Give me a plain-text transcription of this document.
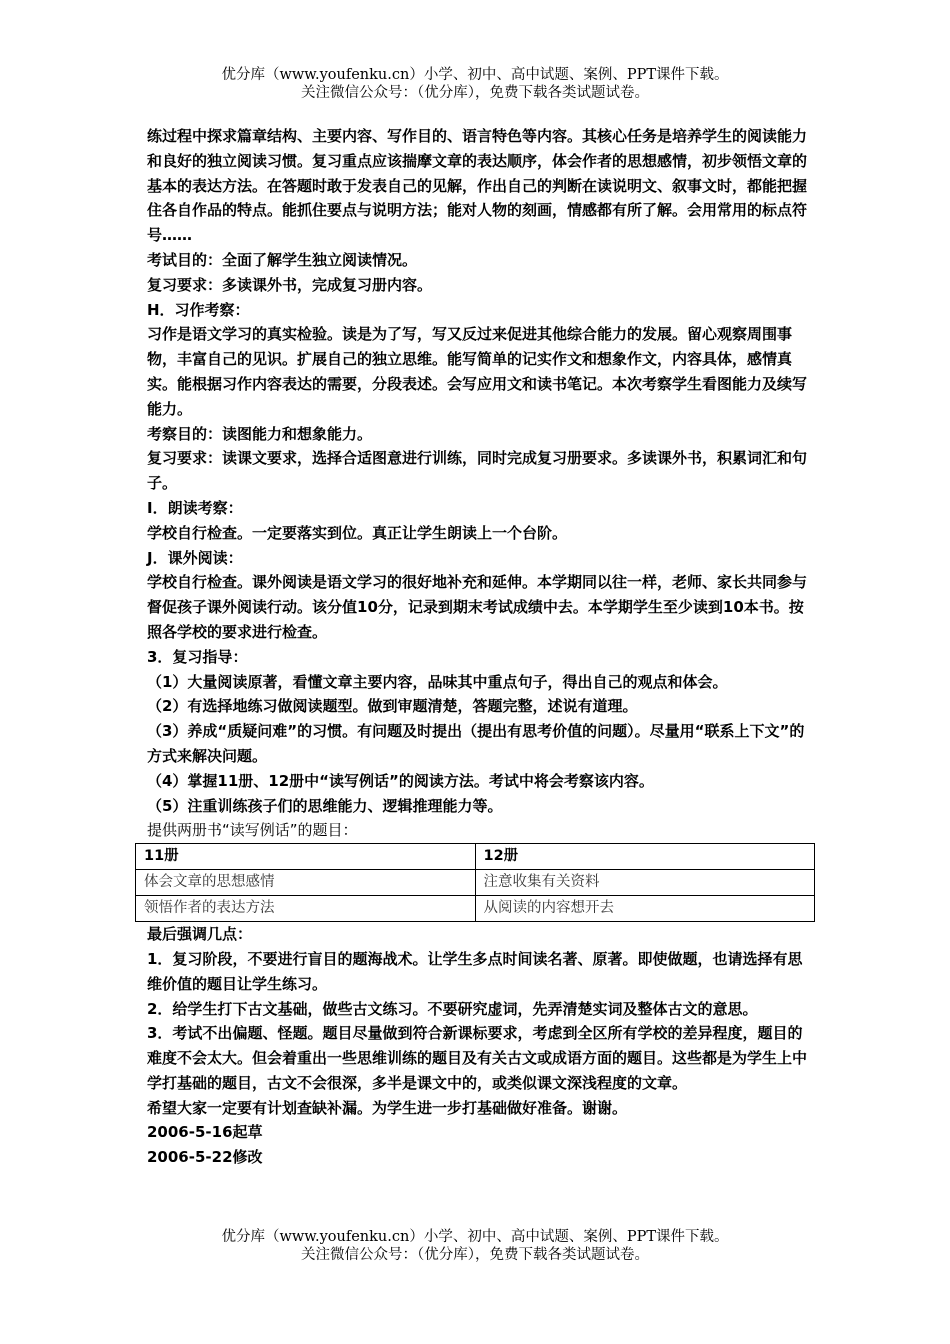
优分库（www.youfenku.cn）小学、初中、高中试题、案例、PPT课件下载。
关注微信公众号：（优分库），免费下载各类试题试卷。

练过程中探求篇章结构、主要内容、写作目的、语言特色等内容。其核心任务是培养学生的阅读能力和良好的独立阅读习惯。复习重点应该揣摩文章的表达顺序，体会作者的思想感情，初步领悟文章的基本的表达方法。在答题时敢于发表自己的见解，作出自己的判断在读说明文、叙事文时，都能把握住各自作品的特点。能抓住要点与说明方法；能对人物的刻画，情感都有所了解。会用常用的标点符号……

考试目的：全面了解学生独立阅读情况。

复习要求：多读课外书，完成复习册内容。

H．习作考察：

习作是语文学习的真实检验。读是为了写，写又反过来促进其他综合能力的发展。留心观察周围事物，丰富自己的见识。扩展自己的独立思维。能写简单的记实作文和想象作文，内容具体，感情真实。能根据习作内容表达的需要，分段表述。会写应用文和读书笔记。本次考察学生看图能力及续写能力。

考察目的：读图能力和想象能力。

复习要求：读课文要求，选择合适图意进行训练，同时完成复习册要求。多读课外书，积累词汇和句子。

I．朗读考察：

学校自行检查。一定要落实到位。真正让学生朗读上一个台阶。

J．课外阅读：

学校自行检查。课外阅读是语文学习的很好地补充和延伸。本学期同以往一样，老师、家长共同参与督促孩子课外阅读行动。该分值10分，记录到期末考试成绩中去。本学期学生至少读到10本书。按照各学校的要求进行检查。

3．复习指导：

（1）大量阅读原著，看懂文章主要内容，品味其中重点句子，得出自己的观点和体会。

（2）有选择地练习做阅读题型。做到审题清楚，答题完整，述说有道理。

（3）养成“质疑问难”的习惯。有问题及时提出（提出有思考价值的问题）。尽量用“联系上下文”的方式来解决问题。

（4）掌握11册、12册中“读写例话”的阅读方法。考试中将会考察该内容。

（5）注重训练孩子们的思维能力、逻辑推理能力等。

提供两册书“读写例话”的题目：

11册	12册
体会文章的思想感情	注意收集有关资料
领悟作者的表达方法	从阅读的内容想开去

最后强调几点：

1．复习阶段，不要进行盲目的题海战术。让学生多点时间读名著、原著。即使做题，也请选择有思维价值的题目让学生练习。

2．给学生打下古文基础，做些古文练习。不要研究虚词，先弄清楚实词及整体古文的意思。

3．考试不出偏题、怪题。题目尽量做到符合新课标要求，考虑到全区所有学校的差异程度，题目的难度不会太大。但会着重出一些思维训练的题目及有关古文或成语方面的题目。这些都是为学生上中学打基础的题目，古文不会很深，多半是课文中的，或类似课文深浅程度的文章。

希望大家一定要有计划查缺补漏。为学生进一步打基础做好准备。谢谢。

2006-5-16起草

2006-5-22修改

优分库（www.youfenku.cn）小学、初中、高中试题、案例、PPT课件下载。
关注微信公众号：（优分库），免费下载各类试题试卷。
